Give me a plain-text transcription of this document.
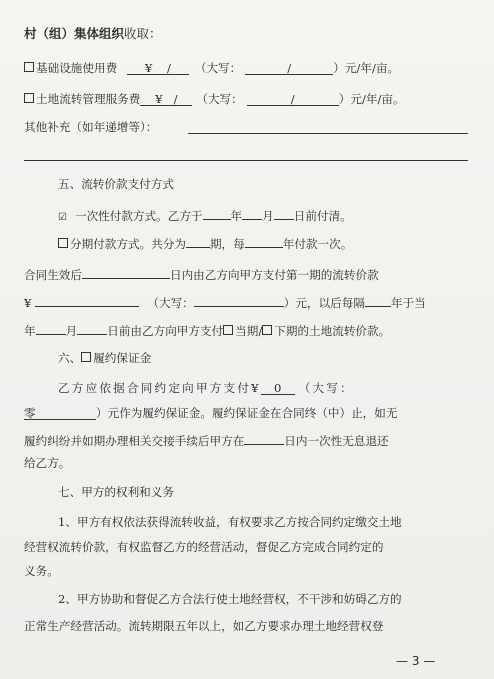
村（组）集体组织收取：
基础设施使用费 ¥ / （大写：	/	）元/年/亩。
土地流转管理服务费 ¥ / （大写：	/	）元/年/亩。
其他补充（如年递增等）：
五、流转价款支付方式
☑ 一次性付款方式。乙方于 年 月 日前付清。
分期付款方式。共分为 期，每	年付款一次。
合同生效后	日内由乙方向甲方支付第一期的流转价款
¥	（大写：	）元，以后每隔 年于当
年	月	日前由乙方向甲方支付 当期/ 下期的土地流转价款。
六、 履约保证金
乙方应依据合同约定向甲方支付¥ 0 （大写：
零	）元作为履约保证金。履约保证金在合同终（中）止，如无
履约纠纷并如期办理相关交接手续后甲方在	日内一次性无息退还
给乙方。
七、甲方的权利和义务
1、甲方有权依法获得流转收益，有权要求乙方按合同约定缴交土地
经营权流转价款，有权监督乙方的经营活动，督促乙方完成合同约定的
义务。
2、甲方协助和督促乙方合法行使土地经营权，不干涉和妨碍乙方的
正常生产经营活动。流转期限五年以上，如乙方要求办理土地经营权登
— 3 —
